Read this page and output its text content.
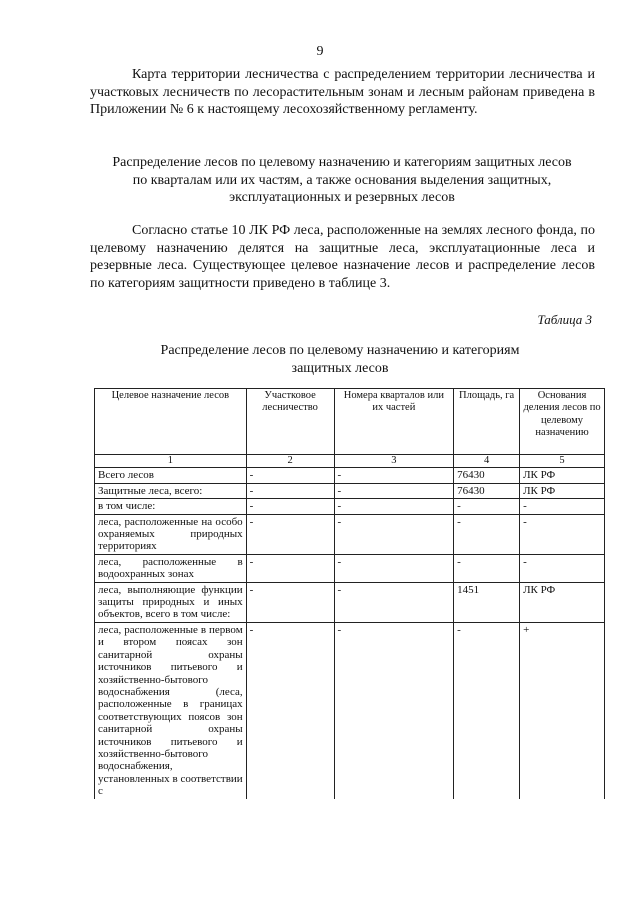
9

Карта территории лесничества с распределением территории лесничества и участковых лесничеств по лесорастительным зонам и лесным районам приведена в Приложении № 6 к настоящему лесохозяйственному регламенту.

Распределение лесов по целевому назначению и категориям защитных лесов
по кварталам или их частям, а также основания выделения защитных,
эксплуатационных и резервных лесов

Согласно статье 10 ЛК РФ леса, расположенные на землях лесного фонда, по целевому назначению делятся на защитные леса, эксплуатационные леса и резервные леса. Существующее целевое назначение лесов и распределение лесов по категориям защитности приведено в таблице 3.

Таблица 3
Распределение лесов по целевому назначению и категориям
защитных лесов
Целевое назначение лесов	Участковое лесничество	Номера кварталов или их частей	Площадь, га	Основания деления лесов по целевому назначению
1	2	3	4	5
Всего лесов	-	-	76430	ЛК РФ
Защитные леса, всего:	-	-	76430	ЛК РФ
в том числе:	-	-	-	-
леса, расположенные на особо охраняемых природных территориях	-	-	-	-
леса, расположенные в водоохранных зонах	-	-	-	-
леса, выполняющие функции защиты природных и иных объектов, всего в том числе:	-	-	1451	ЛК РФ
леса, расположенные в первом и втором поясах зон санитарной охраны источников питьевого и хозяйственно-бытового водоснабжения (леса, расположенные в границах соответствующих поясов зон санитарной охраны источников питьевого и хозяйственно-бытового водоснабжения, установленных в соответствии с	-	-	-	+
